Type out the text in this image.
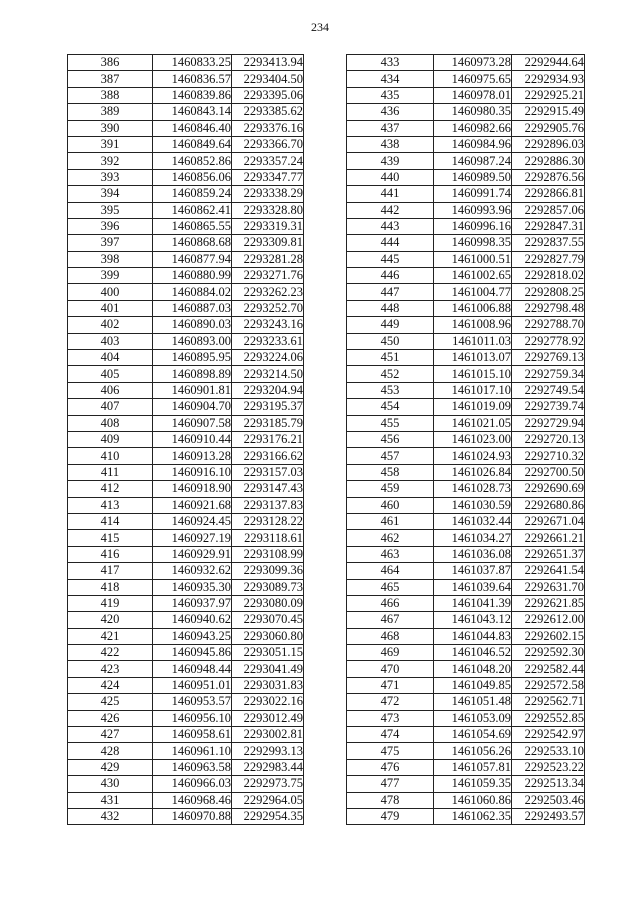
234
386	1460833.25	2293413.94
387	1460836.57	2293404.50
388	1460839.86	2293395.06
389	1460843.14	2293385.62
390	1460846.40	2293376.16
391	1460849.64	2293366.70
392	1460852.86	2293357.24
393	1460856.06	2293347.77
394	1460859.24	2293338.29
395	1460862.41	2293328.80
396	1460865.55	2293319.31
397	1460868.68	2293309.81
398	1460877.94	2293281.28
399	1460880.99	2293271.76
400	1460884.02	2293262.23
401	1460887.03	2293252.70
402	1460890.03	2293243.16
403	1460893.00	2293233.61
404	1460895.95	2293224.06
405	1460898.89	2293214.50
406	1460901.81	2293204.94
407	1460904.70	2293195.37
408	1460907.58	2293185.79
409	1460910.44	2293176.21
410	1460913.28	2293166.62
411	1460916.10	2293157.03
412	1460918.90	2293147.43
413	1460921.68	2293137.83
414	1460924.45	2293128.22
415	1460927.19	2293118.61
416	1460929.91	2293108.99
417	1460932.62	2293099.36
418	1460935.30	2293089.73
419	1460937.97	2293080.09
420	1460940.62	2293070.45
421	1460943.25	2293060.80
422	1460945.86	2293051.15
423	1460948.44	2293041.49
424	1460951.01	2293031.83
425	1460953.57	2293022.16
426	1460956.10	2293012.49
427	1460958.61	2293002.81
428	1460961.10	2292993.13
429	1460963.58	2292983.44
430	1460966.03	2292973.75
431	1460968.46	2292964.05
432	1460970.88	2292954.35
433	1460973.28	2292944.64
434	1460975.65	2292934.93
435	1460978.01	2292925.21
436	1460980.35	2292915.49
437	1460982.66	2292905.76
438	1460984.96	2292896.03
439	1460987.24	2292886.30
440	1460989.50	2292876.56
441	1460991.74	2292866.81
442	1460993.96	2292857.06
443	1460996.16	2292847.31
444	1460998.35	2292837.55
445	1461000.51	2292827.79
446	1461002.65	2292818.02
447	1461004.77	2292808.25
448	1461006.88	2292798.48
449	1461008.96	2292788.70
450	1461011.03	2292778.92
451	1461013.07	2292769.13
452	1461015.10	2292759.34
453	1461017.10	2292749.54
454	1461019.09	2292739.74
455	1461021.05	2292729.94
456	1461023.00	2292720.13
457	1461024.93	2292710.32
458	1461026.84	2292700.50
459	1461028.73	2292690.69
460	1461030.59	2292680.86
461	1461032.44	2292671.04
462	1461034.27	2292661.21
463	1461036.08	2292651.37
464	1461037.87	2292641.54
465	1461039.64	2292631.70
466	1461041.39	2292621.85
467	1461043.12	2292612.00
468	1461044.83	2292602.15
469	1461046.52	2292592.30
470	1461048.20	2292582.44
471	1461049.85	2292572.58
472	1461051.48	2292562.71
473	1461053.09	2292552.85
474	1461054.69	2292542.97
475	1461056.26	2292533.10
476	1461057.81	2292523.22
477	1461059.35	2292513.34
478	1461060.86	2292503.46
479	1461062.35	2292493.57
